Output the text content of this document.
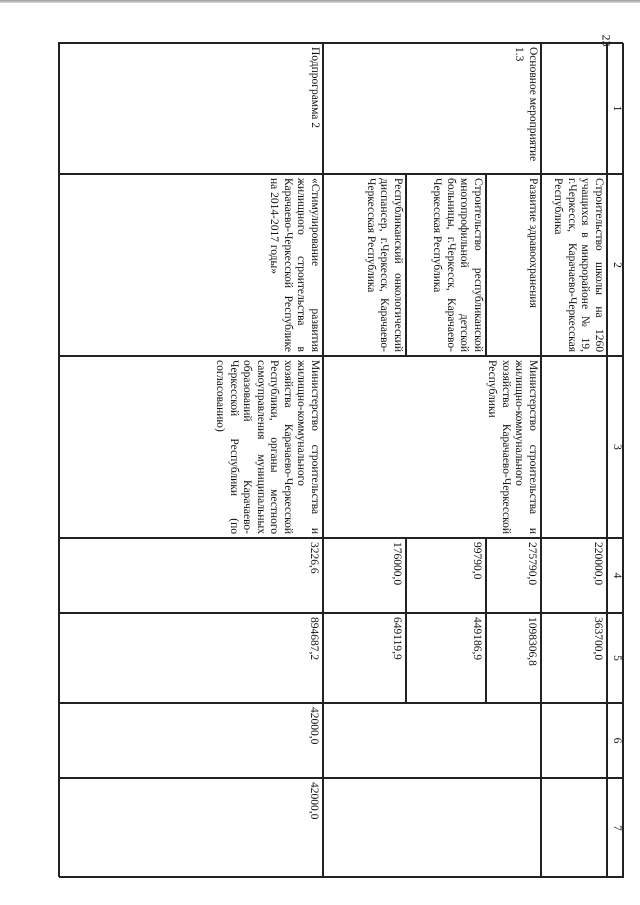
23
1
2
3
4
5
6
7
Строительство школы на 1260 учащихся в микрорайоне № 19, г.Черкесск, Карачаево-Черкесская Республика
220000,0
363700,0
Основное мероприятие 1.3
Развитие здравоохранения
Министерство строительства и жилищно-коммунального хозяйства Карачаево-Черкесской Республики
275790,0
1098306,8
Строительство республиканской многопрофильной детской больницы, г.Черкесск, Карачаево-Черкесская Республика
99790,0
449186,9
Республиканский онкологический диспансер, г.Черкесск, Карачаево-Черкесская Республика
176000,0
649119,9
Подпрограмма 2
«Стимулирование развития жилищного строительства в Карачаево-Черкесской Республике на 2014-2017 годы»
Министерство строительства и жилищно-коммунального хозяйства Карачаево-Черкесской Республики, органы местного самоуправления муниципальных образований Карачаево-Черкесской Республики (по согласованию)
3226,6
894687,2
42000,0
42000,0
